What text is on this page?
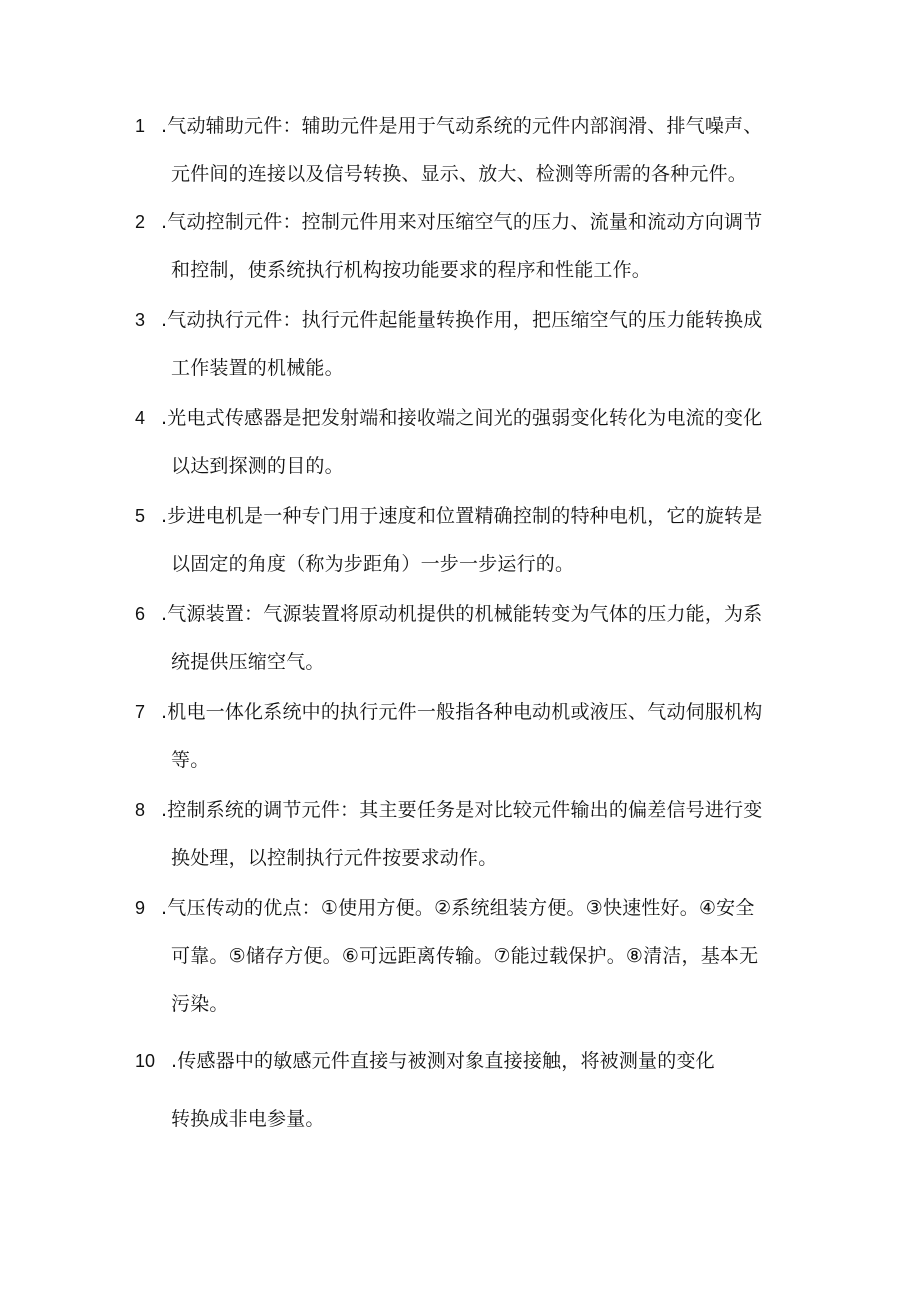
1 .气动辅助元件：辅助元件是用于气动系统的元件内部润滑、排气噪声、
元件间的连接以及信号转换、显示、放大、检测等所需的各种元件。
2 .气动控制元件：控制元件用来对压缩空气的压力、流量和流动方向调节
和控制，使系统执行机构按功能要求的程序和性能工作。
3 .气动执行元件：执行元件起能量转换作用，把压缩空气的压力能转换成
工作装置的机械能。
4 .光电式传感器是把发射端和接收端之间光的强弱变化转化为电流的变化
以达到探测的目的。
5 .步进电机是一种专门用于速度和位置精确控制的特种电机，它的旋转是
以固定的角度（称为步距角）一步一步运行的。
6 .气源装置：气源装置将原动机提供的机械能转变为气体的压力能，为系
统提供压缩空气。
7 .机电一体化系统中的执行元件一般指各种电动机或液压、气动伺服机构
等。
8 .控制系统的调节元件：其主要任务是对比较元件输出的偏差信号进行变
换处理，以控制执行元件按要求动作。
9 .气压传动的优点：①使用方便。②系统组装方便。③快速性好。④安全
可靠。⑤储存方便。⑥可远距离传输。⑦能过载保护。⑧清洁，基本无
污染。
10 .传感器中的敏感元件直接与被测对象直接接触，将被测量的变化
转换成非电参量。
